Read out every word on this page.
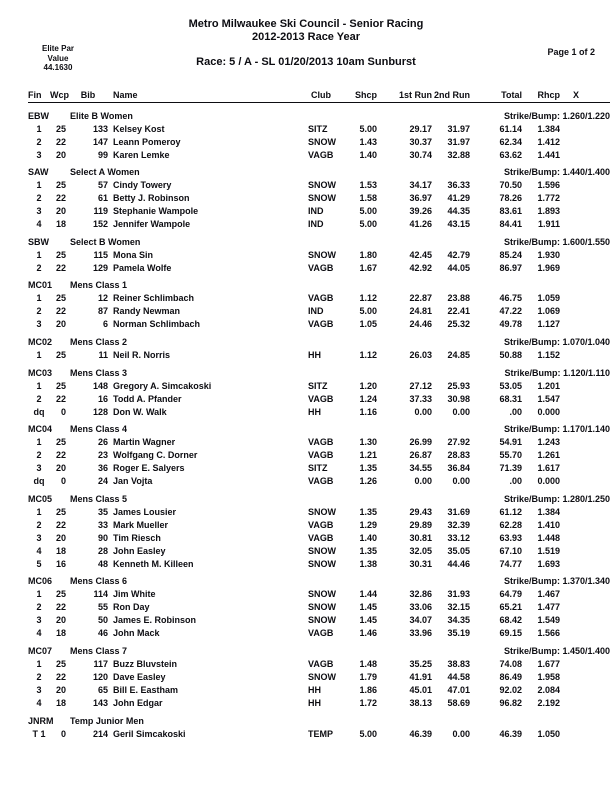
Metro Milwaukee Ski Council - Senior Racing
2012-2013 Race Year
Race: 5 / A - SL 01/20/2013 10am Sunburst
Elite Par
Value
44.1630
Page 1 of 2
Fin Wcp	Bib	Name	Club	Shcp	1st Run 2nd Run	Total	Rhcp	X
EBW	Elite B Women	Strike/Bump: 1.260/1.220
1	25	133 Kelsey Kost	SITZ	5.00	29.17	31.97	61.14	1.384
2	22	147 Leann Pomeroy	SNOW	1.43	30.37	31.97	62.34	1.412
3	20	99 Karen Lemke	VAGB	1.40	30.74	32.88	63.62	1.441
SAW	Select A Women	Strike/Bump: 1.440/1.400
1	25	57 Cindy Towery	SNOW	1.53	34.17	36.33	70.50	1.596
2	22	61 Betty J. Robinson	SNOW	1.58	36.97	41.29	78.26	1.772
3	20	119 Stephanie Wampole	IND	5.00	39.26	44.35	83.61	1.893
4	18	152 Jennifer Wampole	IND	5.00	41.26	43.15	84.41	1.911
SBW	Select B Women	Strike/Bump: 1.600/1.550
1	25	115 Mona Sin	SNOW	1.80	42.45	42.79	85.24	1.930
2	22	129 Pamela Wolfe	VAGB	1.67	42.92	44.05	86.97	1.969
MC01	Mens Class 1
1	25	12 Reiner Schlimbach	VAGB	1.12	22.87	23.88	46.75	1.059
2	22	87 Randy Newman	IND	5.00	24.81	22.41	47.22	1.069
3	20	6 Norman Schlimbach	VAGB	1.05	24.46	25.32	49.78	1.127
MC02	Mens Class 2	Strike/Bump: 1.070/1.040
1	25	11 Neil R. Norris	HH	1.12	26.03	24.85	50.88	1.152
MC03	Mens Class 3	Strike/Bump: 1.120/1.110
1	25	148 Gregory A. Simcakoski	SITZ	1.20	27.12	25.93	53.05	1.201
2	22	16 Todd A. Pfander	VAGB	1.24	37.33	30.98	68.31	1.547
dq	0	128 Don W. Walk	HH	1.16	0.00	0.00	.00	0.000
MC04	Mens Class 4	Strike/Bump: 1.170/1.140
1	25	26 Martin Wagner	VAGB	1.30	26.99	27.92	54.91	1.243
2	22	23 Wolfgang C. Dorner	VAGB	1.21	26.87	28.83	55.70	1.261
3	20	36 Roger E. Salyers	SITZ	1.35	34.55	36.84	71.39	1.617
dq	0	24 Jan Vojta	VAGB	1.26	0.00	0.00	.00	0.000
MC05	Mens Class 5	Strike/Bump: 1.280/1.250
1	25	35 James Lousier	SNOW	1.35	29.43	31.69	61.12	1.384
2	22	33 Mark Mueller	VAGB	1.29	29.89	32.39	62.28	1.410
3	20	90 Tim Riesch	VAGB	1.40	30.81	33.12	63.93	1.448
4	18	28 John Easley	SNOW	1.35	32.05	35.05	67.10	1.519
5	16	48 Kenneth M. Killeen	SNOW	1.38	30.31	44.46	74.77	1.693
MC06	Mens Class 6	Strike/Bump: 1.370/1.340
1	25	114 Jim White	SNOW	1.44	32.86	31.93	64.79	1.467
2	22	55 Ron Day	SNOW	1.45	33.06	32.15	65.21	1.477
3	20	50 James E. Robinson	SNOW	1.45	34.07	34.35	68.42	1.549
4	18	46 John Mack	VAGB	1.46	33.96	35.19	69.15	1.566
MC07	Mens Class 7	Strike/Bump: 1.450/1.400
1	25	117 Buzz Bluvstein	VAGB	1.48	35.25	38.83	74.08	1.677
2	22	120 Dave Easley	SNOW	1.79	41.91	44.58	86.49	1.958
3	20	65 Bill E. Eastham	HH	1.86	45.01	47.01	92.02	2.084
4	18	143 John Edgar	HH	1.72	38.13	58.69	96.82	2.192
JNRM	Temp Junior Men
T 1	0	214 Geril Simcakoski	TEMP	5.00	46.39	0.00	46.39	1.050
